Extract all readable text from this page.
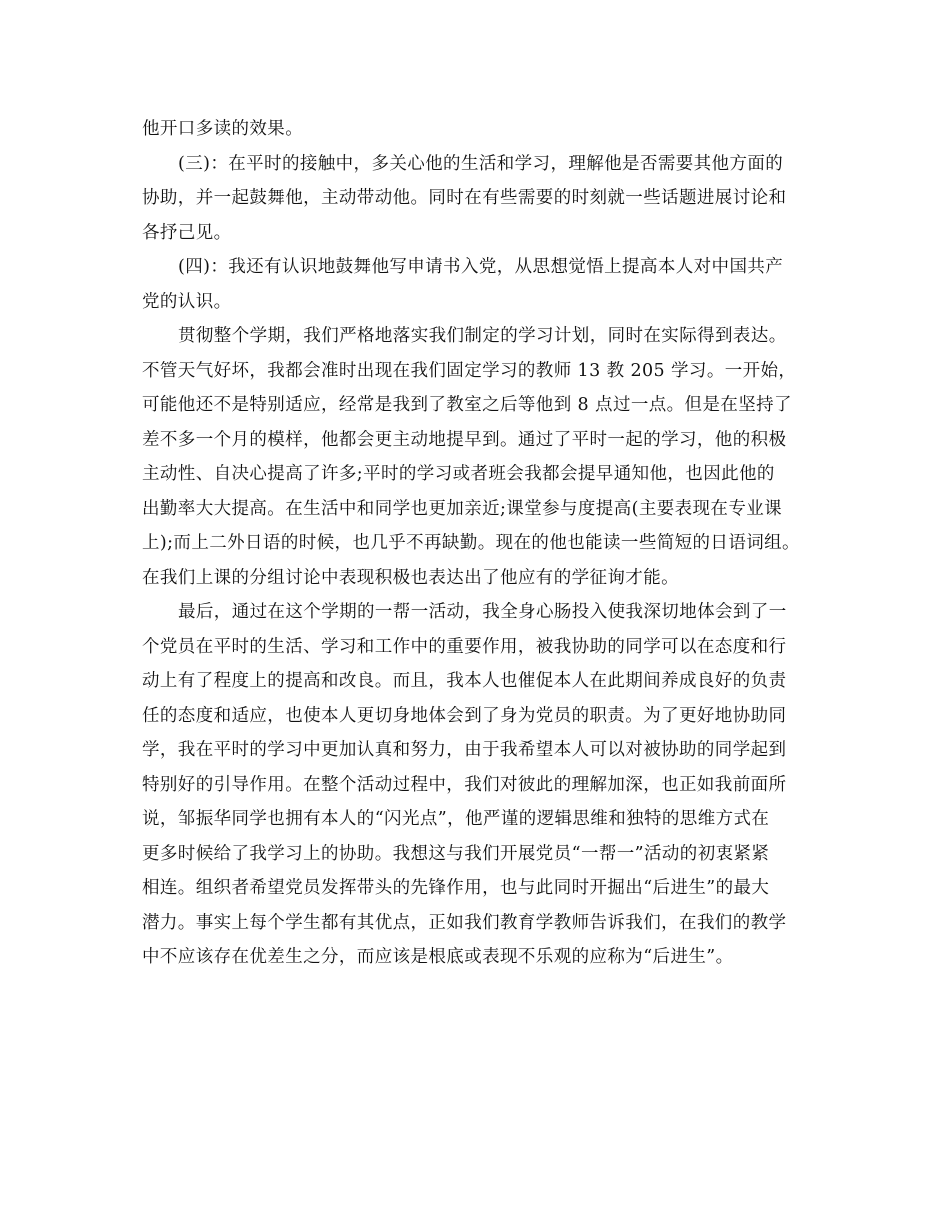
他开口多读的效果。
(三)：在平时的接触中，多关心他的生活和学习，理解他是否需要其他方面的
协助，并一起鼓舞他，主动带动他。同时在有些需要的时刻就一些话题进展讨论和
各抒己见。
(四)：我还有认识地鼓舞他写申请书入党，从思想觉悟上提高本人对中国共产
党的认识。
贯彻整个学期，我们严格地落实我们制定的学习计划，同时在实际得到表达。
不管天气好坏，我都会准时出现在我们固定学习的教师 13 教 205 学习。一开始，
可能他还不是特别适应，经常是我到了教室之后等他到 8 点过一点。但是在坚持了
差不多一个月的模样，他都会更主动地提早到。通过了平时一起的学习，他的积极
主动性、自决心提高了许多;平时的学习或者班会我都会提早通知他，也因此他的
出勤率大大提高。在生活中和同学也更加亲近;课堂参与度提高(主要表现在专业课
上);而上二外日语的时候，也几乎不再缺勤。现在的他也能读一些简短的日语词组。
在我们上课的分组讨论中表现积极也表达出了他应有的学征询才能。
最后，通过在这个学期的一帮一活动，我全身心肠投入使我深切地体会到了一
个党员在平时的生活、学习和工作中的重要作用，被我协助的同学可以在态度和行
动上有了程度上的提高和改良。而且，我本人也催促本人在此期间养成良好的负责
任的态度和适应，也使本人更切身地体会到了身为党员的职责。为了更好地协助同
学，我在平时的学习中更加认真和努力，由于我希望本人可以对被协助的同学起到
特别好的引导作用。在整个活动过程中，我们对彼此的理解加深，也正如我前面所
说，邹振华同学也拥有本人的“闪光点”，他严谨的逻辑思维和独特的思维方式在
更多时候给了我学习上的协助。我想这与我们开展党员“一帮一”活动的初衷紧紧
相连。组织者希望党员发挥带头的先锋作用，也与此同时开掘出“后进生”的最大
潜力。事实上每个学生都有其优点，正如我们教育学教师告诉我们，在我们的教学
中不应该存在优差生之分，而应该是根底或表现不乐观的应称为“后进生”。
